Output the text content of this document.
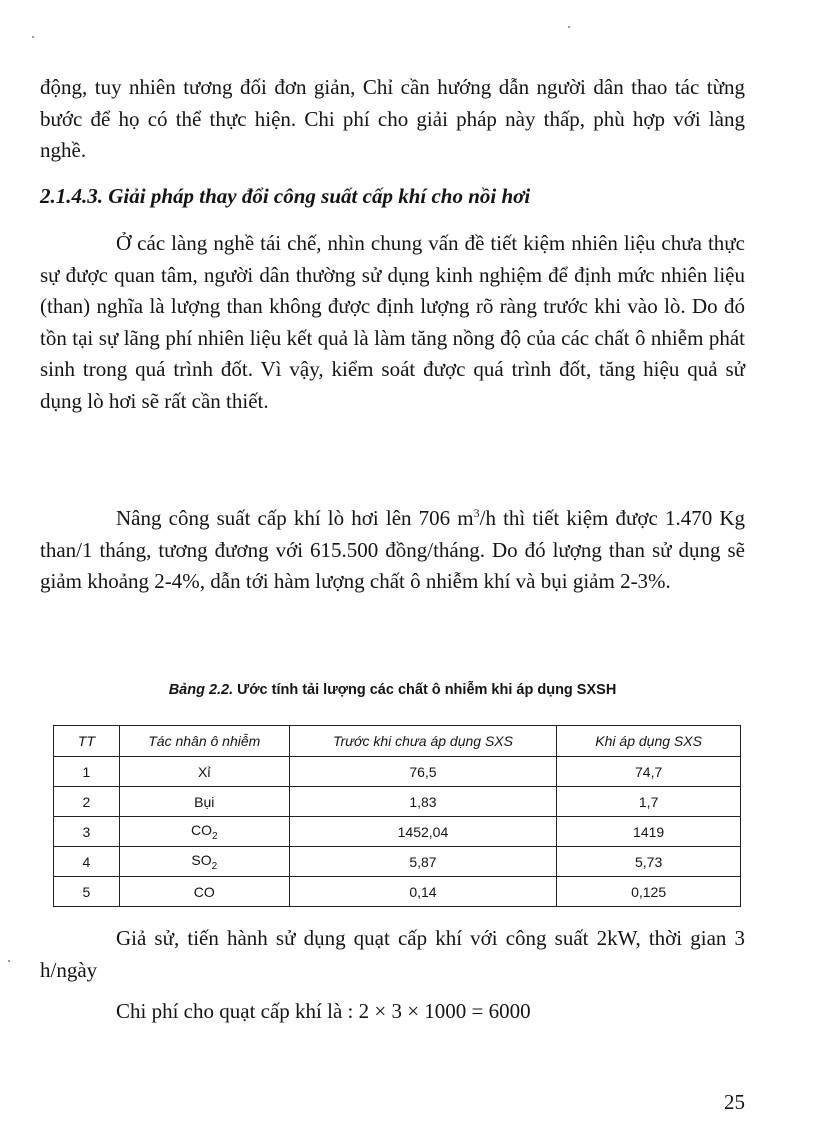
động, tuy nhiên tương đối đơn giản, Chỉ cần hướng dẫn người dân thao tác từng bước để họ có thể thực hiện. Chi phí cho giải pháp này thấp, phù hợp với làng nghề.

2.1.4.3. Giải pháp thay đổi công suất cấp khí cho nồi hơi

Ở các làng nghề tái chế, nhìn chung vấn đề tiết kiệm nhiên liệu chưa thực sự được quan tâm, người dân thường sử dụng kinh nghiệm để định mức nhiên liệu (than) nghĩa là lượng than không được định lượng rõ ràng trước khi vào lò. Do đó tồn tại sự lãng phí nhiên liệu kết quả là làm tăng nồng độ của các chất ô nhiễm phát sinh trong quá trình đốt. Vì vậy, kiểm soát được quá trình đốt, tăng hiệu quả sử dụng lò hơi sẽ rất cần thiết.

Nâng công suất cấp khí lò hơi lên 706 $m^3/h$ thì tiết kiệm được 1.470 Kg than/1 tháng, tương đương với 615.500 đồng/tháng. Do đó lượng than sử dụng sẽ giảm khoảng 2-4%, dẫn tới hàm lượng chất ô nhiễm khí và bụi giảm 2-3%.

Bảng 2.2. Ước tính tải lượng các chất ô nhiễm khi áp dụng SXSH

TT	Tác nhân ô nhiễm	Trước khi chưa áp dụng SXS	Khi áp dụng SXS
1	Xỉ	76,5	74,7
2	Bụi	1,83	1,7
3	$CO_2$	1452,04	1419
4	$SO_2$	5,87	5,73
5	CO	0,14	0,125

Giả sử, tiến hành sử dụng quạt cấp khí với công suất 2kW, thời gian 3 h/ngày

Chi phí cho quạt cấp khí là : 2 × 3 × 1000 = 6000

25
